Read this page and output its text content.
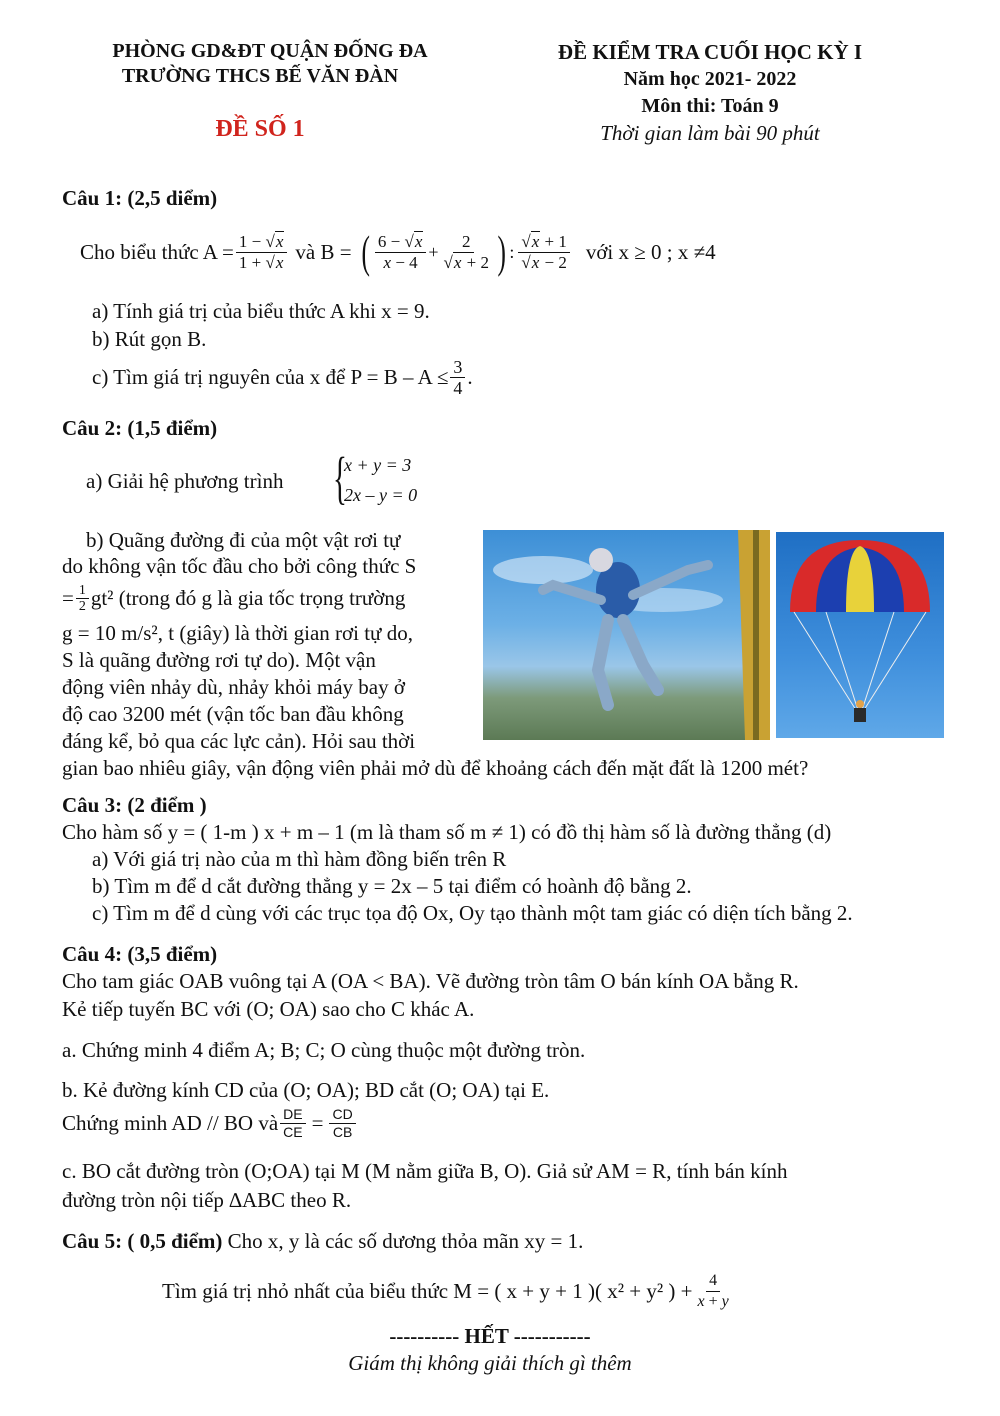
PHÒNG GD&ĐT QUẬN ĐỐNG ĐA
TRƯỜNG THCS BẾ VĂN ĐÀN
ĐỀ SỐ 1
ĐỀ KIỂM TRA CUỐI HỌC KỲ I
Năm học 2021- 2022
Môn thi: Toán 9
Thời gian làm bài 90 phút
Câu 1: (2,5 diểm)
Cho biểu thức $A = \frac{1 - √x}{1 + √x}$ và B = ( $\frac{6 - √x}{x - 4} + \frac{2}{√x + 2}$ ) : $\frac{√x + 1}{√x - 2}$ với x ≥ 0 ; x ≠4
a) Tính giá trị của biểu thức A khi x = 9.
b) Rút gọn B.
c) Tìm giá trị nguyên của x để $P = B - A \le \frac{3}{4}$ .
Câu 2: (1,5 điểm)
a) Giải hệ phương trình {
x + y = 3
2x – y = 0
b) Quãng đường đi của một vật rơi tự
do không vận tốc đầu cho bởi công thức S
= $\frac{1}{2} gt^2$ (trong đó g là gia tốc trọng trường
g = 10 m/s², t (giây) là thời gian rơi tự do,
S là quãng đường rơi tự do). Một vận
động viên nhảy dù, nhảy khỏi máy bay ở
độ cao 3200 mét (vận tốc ban đầu không
đáng kể, bỏ qua các lực cản). Hỏi sau thời
gian bao nhiêu giây, vận động viên phải mở dù để khoảng cách đến mặt đất là 1200 mét?
Câu 3: (2 điểm )
Cho hàm số y = ( 1-m ) x + m – 1 (m là tham số m ≠ 1) có đồ thị hàm số là đường thẳng (d)
a) Với giá trị nào của m thì hàm đồng biến trên R
b) Tìm m để d cắt đường thẳng y = 2x – 5 tại điểm có hoành độ bằng 2.
c) Tìm m để d cùng với các trục tọa độ Ox, Oy tạo thành một tam giác có diện tích bằng 2.
Câu 4: (3,5 điểm)
Cho tam giác OAB vuông tại A (OA < BA). Vẽ đường tròn tâm O bán kính OA bằng R.
Kẻ tiếp tuyến BC với (O; OA) sao cho C khác A.
a. Chứng minh 4 điểm A; B; C; O cùng thuộc một đường tròn.
b. Kẻ đường kính CD của (O; OA); BD cắt (O; OA) tại E.
Chứng minh AD // BO và $\frac{DE}{CE} = \frac{CD}{CB}$
c. BO cắt đường tròn (O;OA) tại M (M nằm giữa B, O). Giả sử AM = R, tính bán kính
đường tròn nội tiếp ∆ABC theo R.
Câu 5: ( 0,5 điểm) Cho x, y là các số dương thỏa mãn xy = 1.
Tìm giá trị nhỏ nhất của biểu thức M = ( x + y + 1 )( x² + y² ) + $\frac{4}{x + y}$
---------- HẾT -----------
Giám thị không giải thích gì thêm
